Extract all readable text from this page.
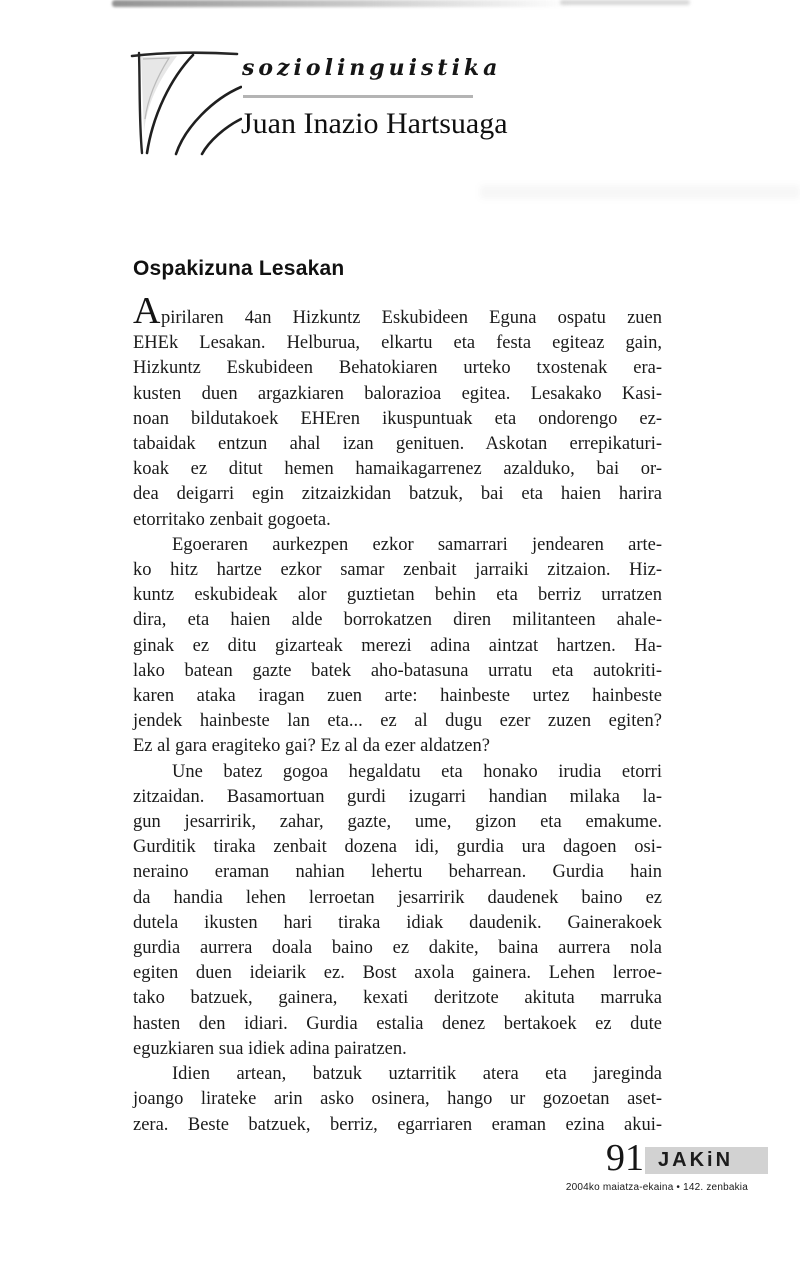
soziolinguistika
Juan Inazio Hartsuaga
Ospakizuna Lesakan
Apirilaren 4an Hizkuntz Eskubideen Eguna ospatu zuen
EHEk Lesakan. Helburua, elkartu eta festa egiteaz gain,
Hizkuntz Eskubideen Behatokiaren urteko txostenak era-
kusten duen argazkiaren balorazioa egitea. Lesakako Kasi-
noan bildutakoek EHEren ikuspuntuak eta ondorengo ez-
tabaidak entzun ahal izan genituen. Askotan errepikaturi-
koak ez ditut hemen hamaikagarrenez azalduko, bai or-
dea deigarri egin zitzaizkidan batzuk, bai eta haien harira
etorritako zenbait gogoeta.
Egoeraren aurkezpen ezkor samarrari jendearen arte-
ko hitz hartze ezkor samar zenbait jarraiki zitzaion. Hiz-
kuntz eskubideak alor guztietan behin eta berriz urratzen
dira, eta haien alde borrokatzen diren militanteen ahale-
ginak ez ditu gizarteak merezi adina aintzat hartzen. Ha-
lako batean gazte batek aho-batasuna urratu eta autokriti-
karen ataka iragan zuen arte: hainbeste urtez hainbeste
jendek hainbeste lan eta... ez al dugu ezer zuzen egiten?
Ez al gara eragiteko gai? Ez al da ezer aldatzen?
Une batez gogoa hegaldatu eta honako irudia etorri
zitzaidan. Basamortuan gurdi izugarri handian milaka la-
gun jesarririk, zahar, gazte, ume, gizon eta emakume.
Gurditik tiraka zenbait dozena idi, gurdia ura dagoen osi-
neraino eraman nahian lehertu beharrean. Gurdia hain
da handia lehen lerroetan jesarririk daudenek baino ez
dutela ikusten hari tiraka idiak daudenik. Gainerakoek
gurdia aurrera doala baino ez dakite, baina aurrera nola
egiten duen ideiarik ez. Bost axola gainera. Lehen lerroe-
tako batzuek, gainera, kexati deritzote akituta marruka
hasten den idiari. Gurdia estalia denez bertakoek ez dute
eguzkiaren sua idiek adina pairatzen.
Idien artean, batzuk uztarritik atera eta jareginda
joango lirateke arin asko osinera, hango ur gozoetan aset-
zera. Beste batzuek, berriz, egarriaren eraman ezina akui-
91 JAKiN
2004ko maiatza-ekaina • 142. zenbakia
